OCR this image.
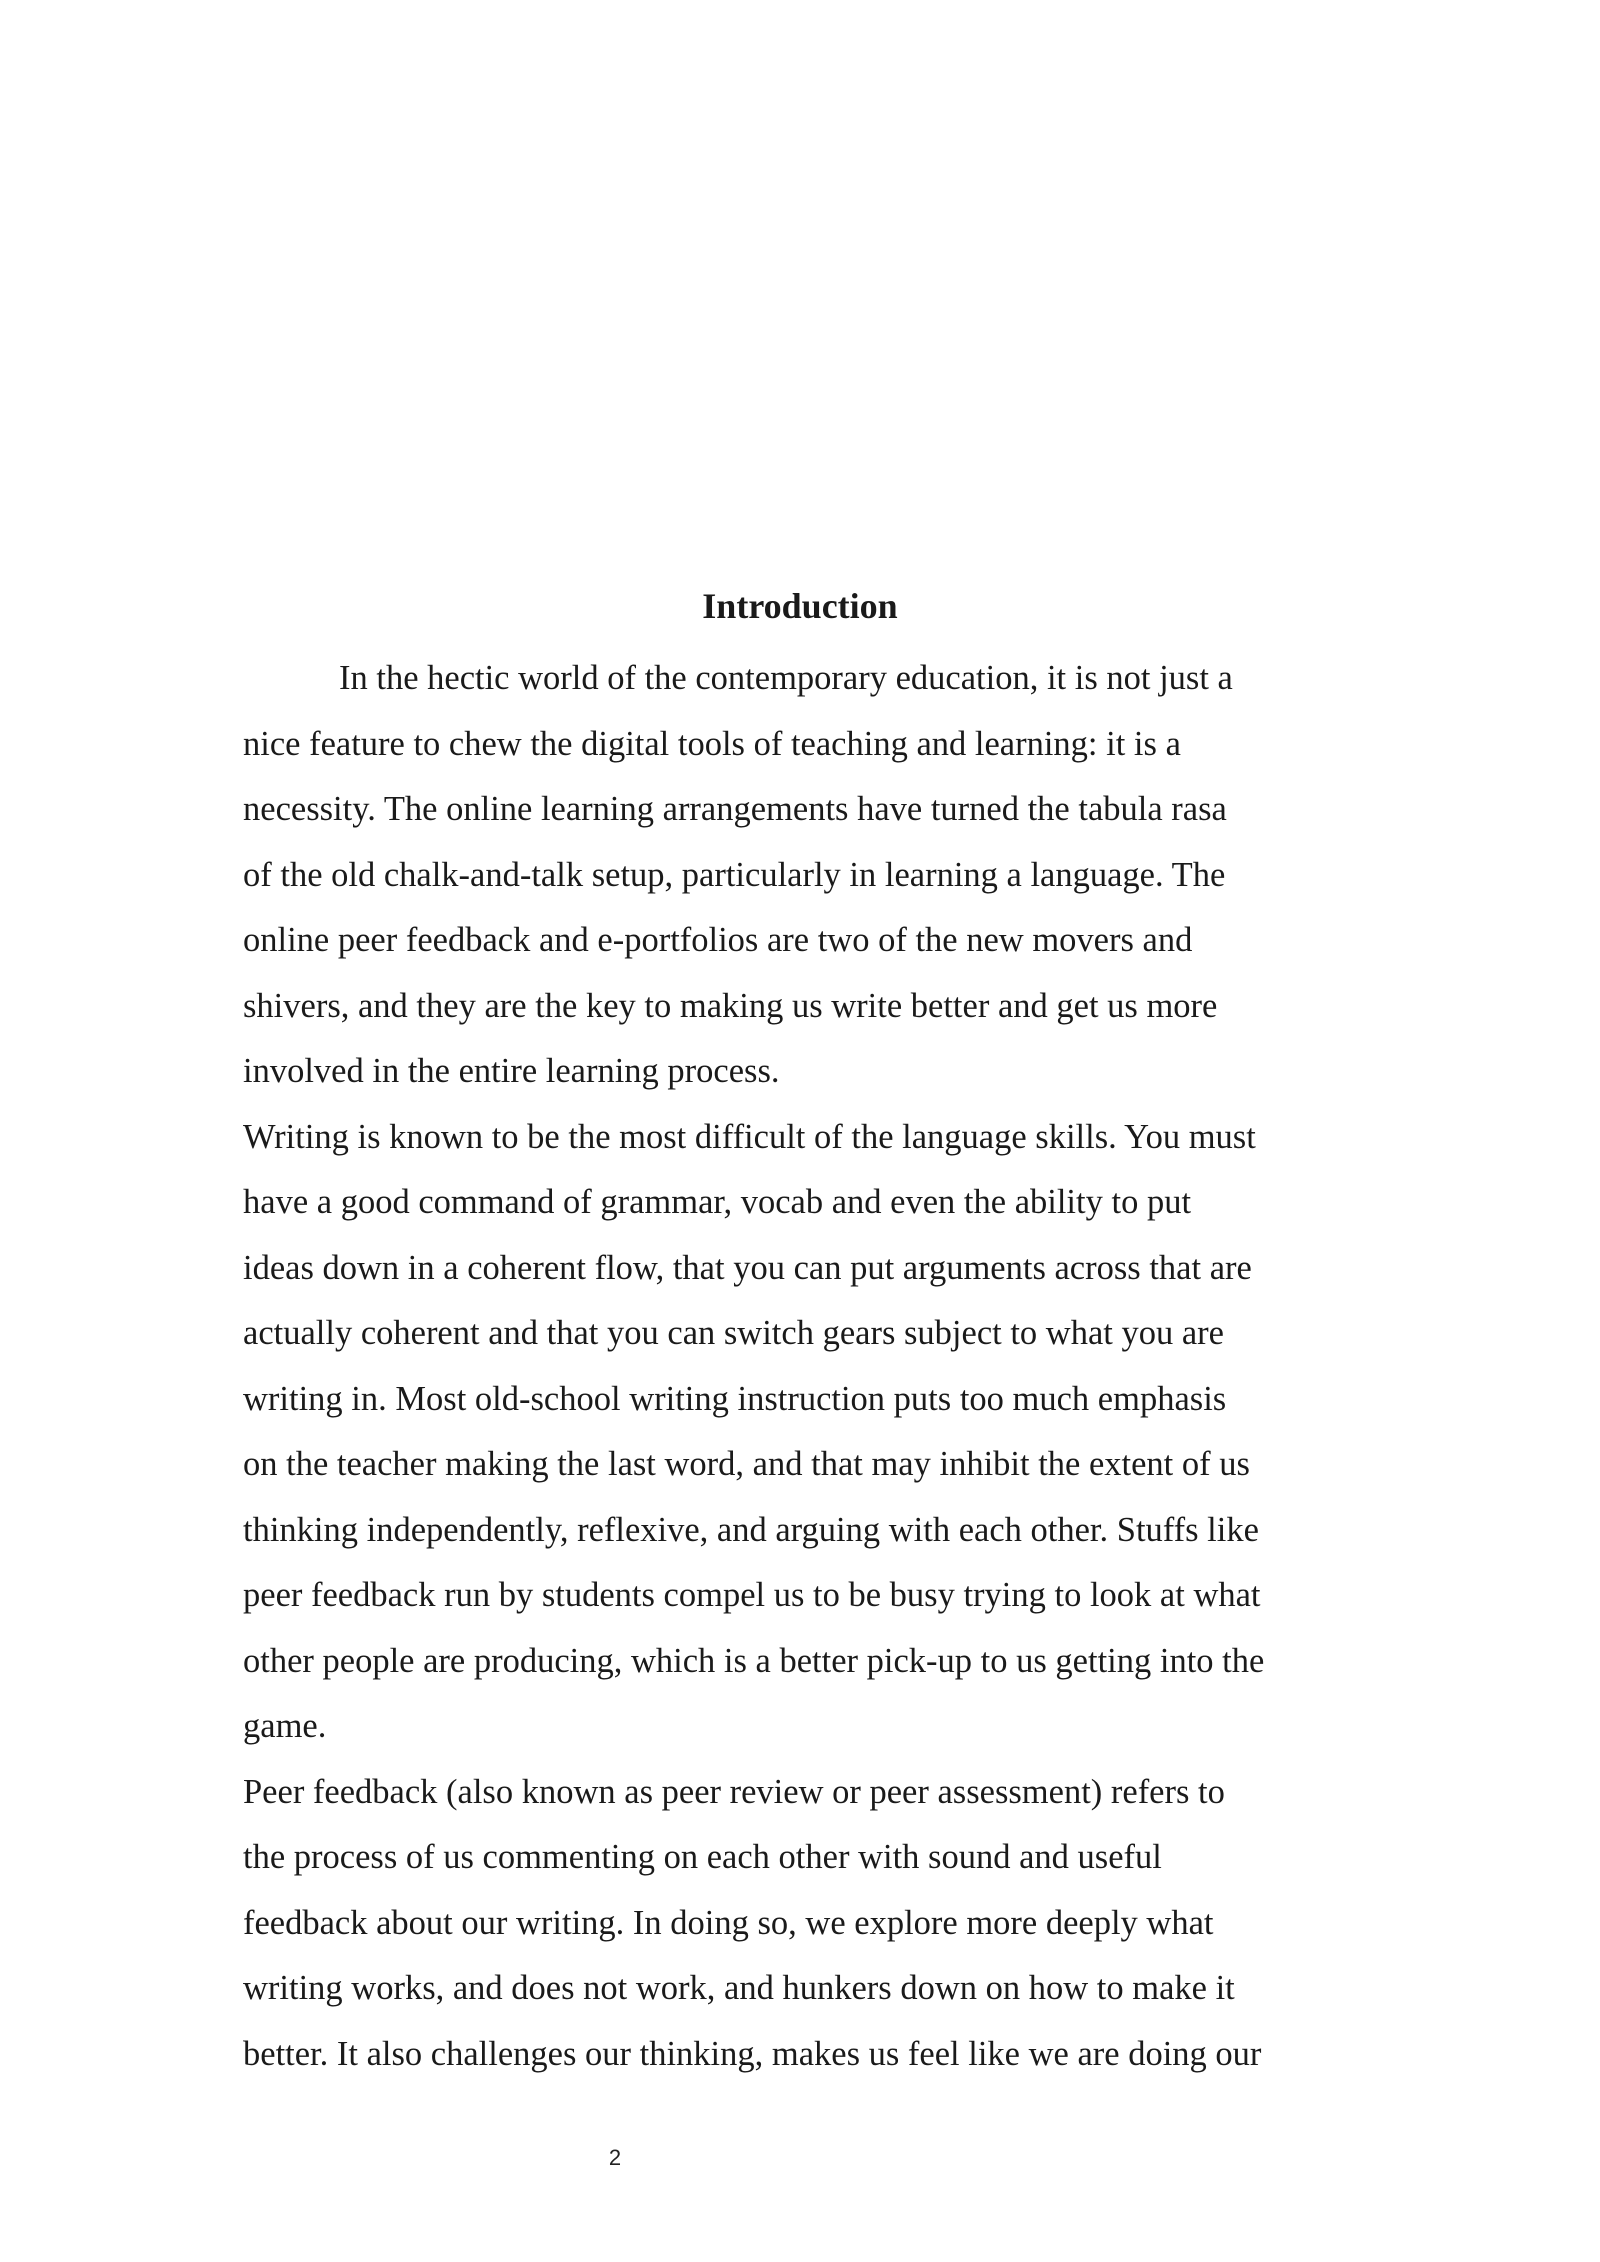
Introduction
In the hectic world of the contemporary education, it is not just a
nice feature to chew the digital tools of teaching and learning: it is a
necessity. The online learning arrangements have turned the tabula rasa
of the old chalk-and-talk setup, particularly in learning a language. The
online peer feedback and e-portfolios are two of the new movers and
shivers, and they are the key to making us write better and get us more
involved in the entire learning process.
Writing is known to be the most difficult of the language skills. You must
have a good command of grammar, vocab and even the ability to put
ideas down in a coherent flow, that you can put arguments across that are
actually coherent and that you can switch gears subject to what you are
writing in. Most old-school writing instruction puts too much emphasis
on the teacher making the last word, and that may inhibit the extent of us
thinking independently, reflexive, and arguing with each other. Stuffs like
peer feedback run by students compel us to be busy trying to look at what
other people are producing, which is a better pick-up to us getting into the
game.
Peer feedback (also known as peer review or peer assessment) refers to
the process of us commenting on each other with sound and useful
feedback about our writing. In doing so, we explore more deeply what
writing works, and does not work, and hunkers down on how to make it
better. It also challenges our thinking, makes us feel like we are doing our
2
